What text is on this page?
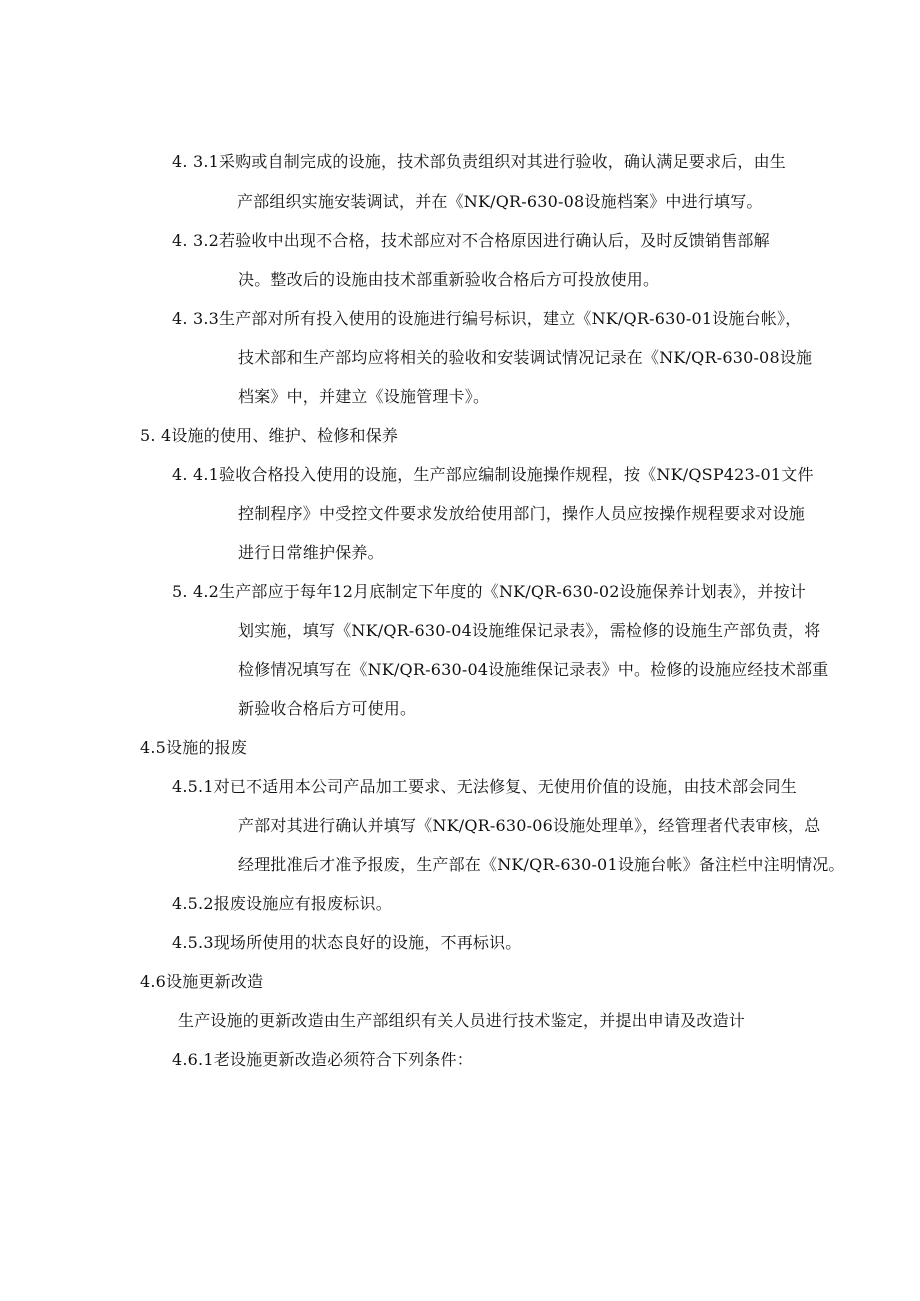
4. 3.1采购或自制完成的设施，技术部负责组织对其进行验收，确认满足要求后，由生
产部组织实施安装调试，并在《NK/QR-630-08设施档案》中进行填写。
4. 3.2若验收中出现不合格，技术部应对不合格原因进行确认后，及时反馈销售部解
决。整改后的设施由技术部重新验收合格后方可投放使用。
4. 3.3生产部对所有投入使用的设施进行编号标识，建立《NK/QR-630-01设施台帐》，
技术部和生产部均应将相关的验收和安装调试情况记录在《NK/QR-630-08设施
档案》中，并建立《设施管理卡》。
5. 4设施的使用、维护、检修和保养
4. 4.1验收合格投入使用的设施，生产部应编制设施操作规程，按《NK/QSP423-01文件
控制程序》中受控文件要求发放给使用部门，操作人员应按操作规程要求对设施
进行日常维护保养。
5. 4.2生产部应于每年12月底制定下年度的《NK/QR-630-02设施保养计划表》，并按计
划实施，填写《NK/QR-630-04设施维保记录表》，需检修的设施生产部负责，将
检修情况填写在《NK/QR-630-04设施维保记录表》中。检修的设施应经技术部重
新验收合格后方可使用。
4.5设施的报废
4.5.1对已不适用本公司产品加工要求、无法修复、无使用价值的设施，由技术部会同生
产部对其进行确认并填写《NK/QR-630-06设施处理单》，经管理者代表审核，总
经理批准后才准予报废，生产部在《NK/QR-630-01设施台帐》备注栏中注明情况。
4.5.2报废设施应有报废标识。
4.5.3现场所使用的状态良好的设施，不再标识。
4.6设施更新改造
生产设施的更新改造由生产部组织有关人员进行技术鉴定，并提出申请及改造计
4.6.1老设施更新改造必须符合下列条件：
